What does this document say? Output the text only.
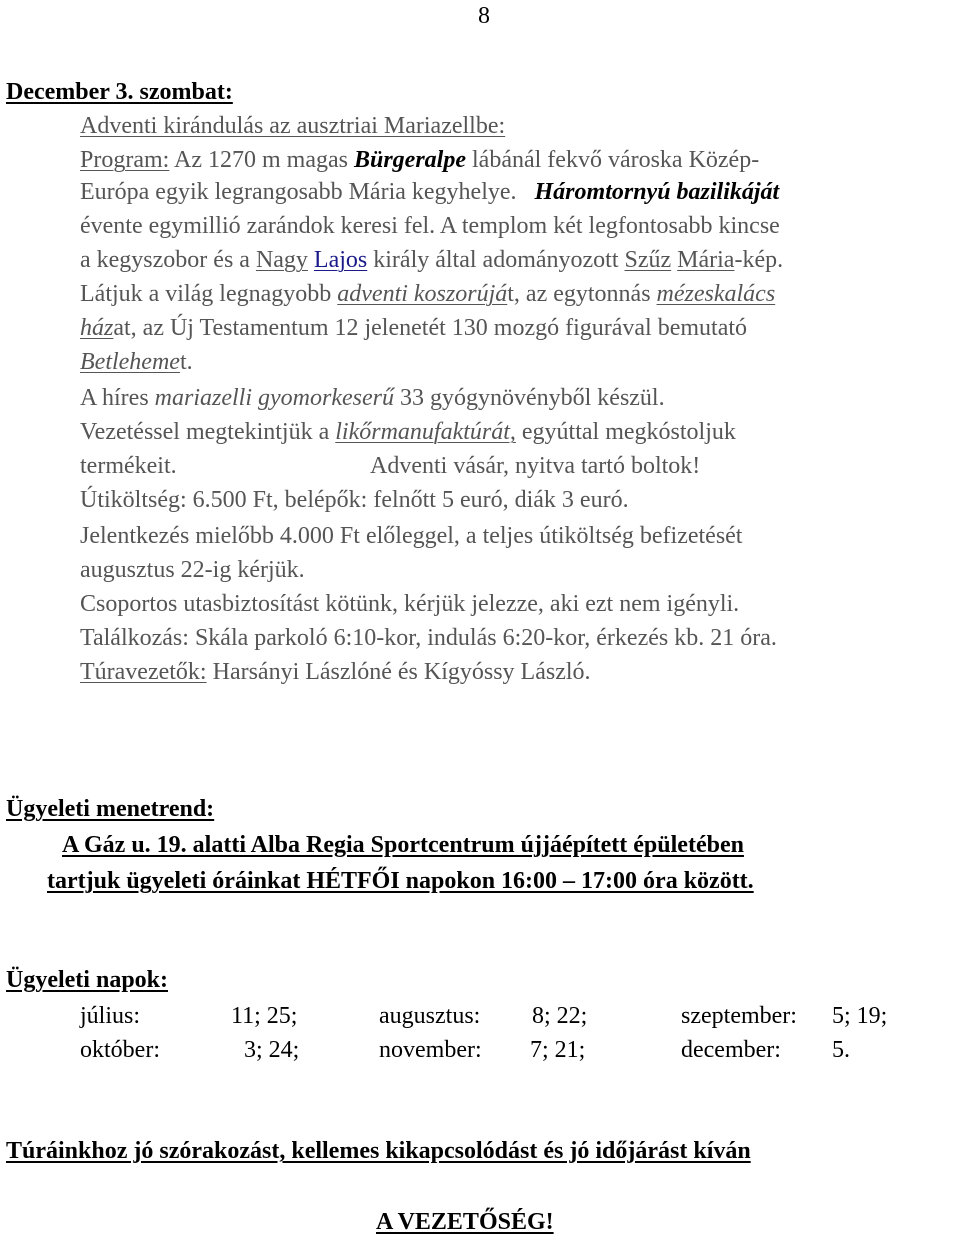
8
December 3. szombat:
Adventi kirándulás az ausztriai Mariazellbe:
Program: Az 1270 m magas Bürgeralpe lábánál fekvő városka Közép-
Európa egyik legrangosabb Mária kegyhelye. Háromtornyú bazilikáját
évente egymillió zarándok keresi fel. A templom két legfontosabb kincse
a kegyszobor és a Nagy Lajos király által adományozott Szűz Mária-kép.
Látjuk a világ legnagyobb adventi koszorúját, az egytonnás mézeskalács
házat, az Új Testamentum 12 jelenetét 130 mozgó figurával bemutató
Betlehemet.
A híres mariazelli gyomorkeserű 33 gyógynövényből készül.
Vezetéssel megtekintjük a likőrmanufaktúrát, egyúttal megkóstoljuk
termékeit.	Adventi vásár, nyitva tartó boltok!
Útiköltség: 6.500 Ft, belépők: felnőtt 5 euró, diák 3 euró.
Jelentkezés mielőbb 4.000 Ft előleggel, a teljes útiköltség befizetését
augusztus 22-ig kérjük.
Csoportos utasbiztosítást kötünk, kérjük jelezze, aki ezt nem igényli.
Találkozás: Skála parkoló 6:10-kor, indulás 6:20-kor, érkezés kb. 21 óra.
Túravezetők: Harsányi Lászlóné és Kígyóssy László.
Ügyeleti menetrend:
A Gáz u. 19. alatti Alba Regia Sportcentrum újjáépített épületében
tartjuk ügyeleti óráinkat HÉTFŐI napokon 16:00 – 17:00 óra között.
Ügyeleti napok:
július:	11; 25;	augusztus: 8; 22;	szeptember: 5; 19;
október:	3; 24;	november: 7; 21;	december: 5.
Túráinkhoz jó szórakozást, kellemes kikapcsolódást és jó időjárást kíván
A VEZETŐSÉG!
